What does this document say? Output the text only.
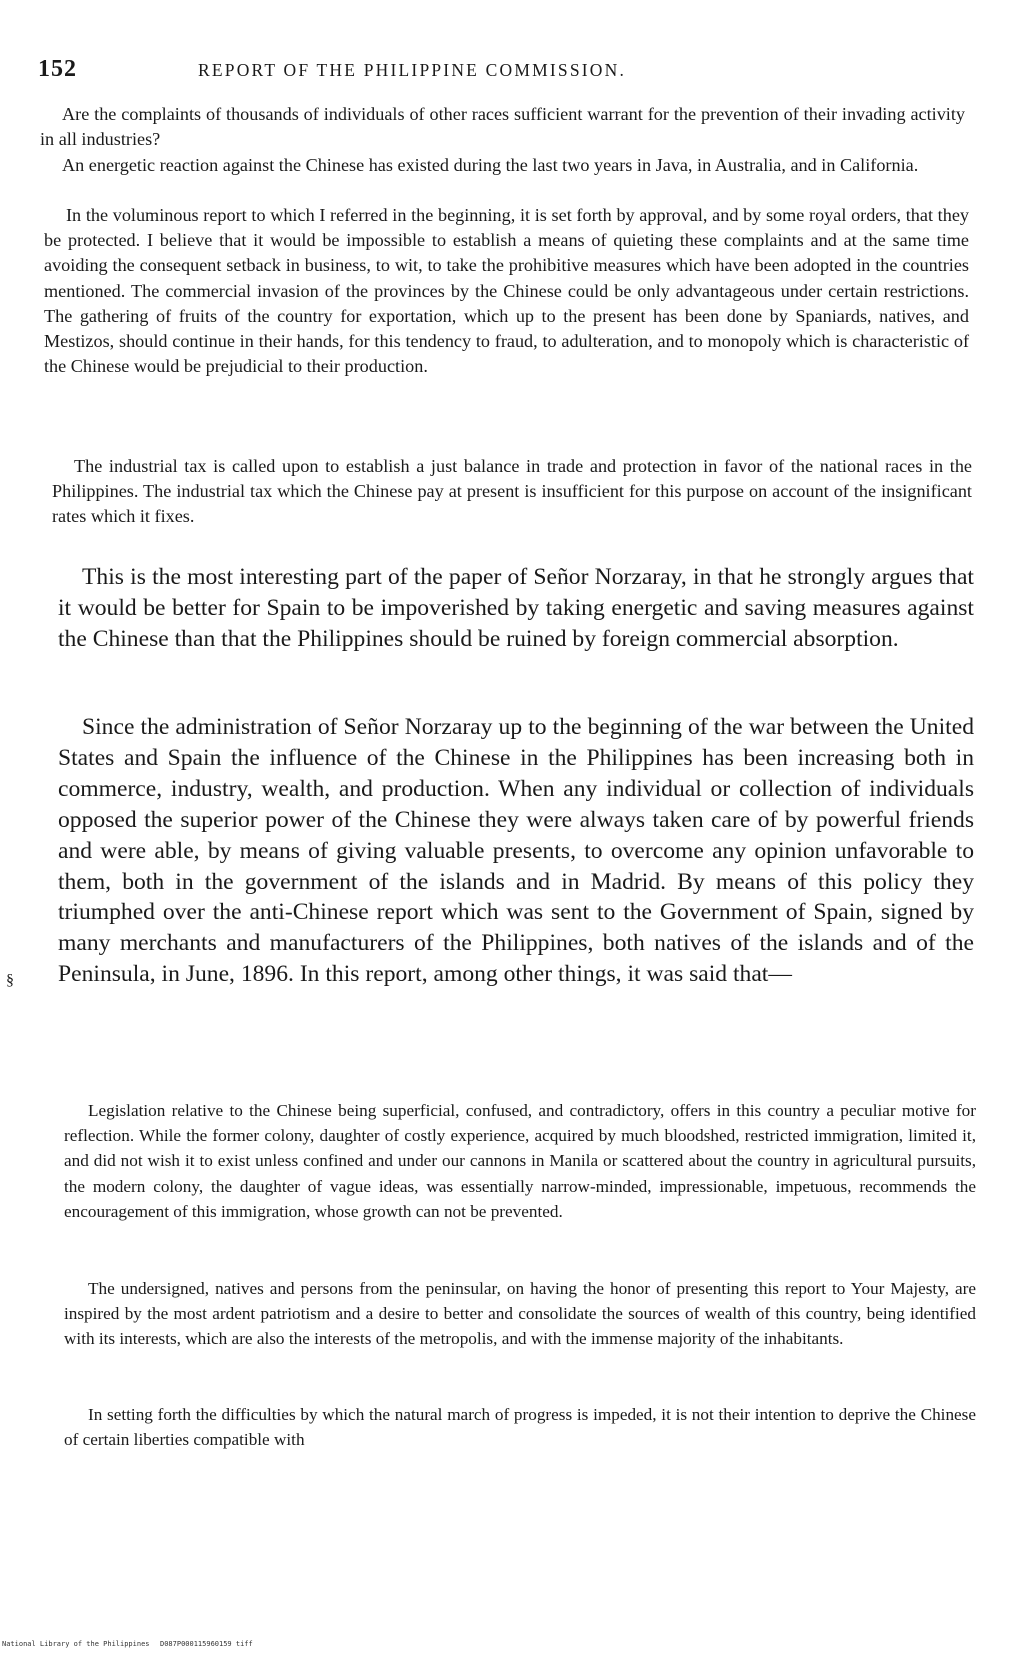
152	REPORT OF THE PHILIPPINE COMMISSION.

Are the complaints of thousands of individuals of other races sufficient warrant for the prevention of their invading activity in all industries?

An energetic reaction against the Chinese has existed during the last two years in Java, in Australia, and in California.

In the voluminous report to which I referred in the beginning, it is set forth by approval, and by some royal orders, that they be protected. I believe that it would be impossible to establish a means of quieting these complaints and at the same time avoiding the consequent setback in business, to wit, to take the prohibitive measures which have been adopted in the countries mentioned. The commercial invasion of the provinces by the Chinese could be only advantageous under certain restrictions. The gathering of fruits of the country for exportation, which up to the present has been done by Spaniards, natives, and Mestizos, should continue in their hands, for this tendency to fraud, to adulteration, and to monopoly which is characteristic of the Chinese would be prejudicial to their production.

The industrial tax is called upon to establish a just balance in trade and protection in favor of the national races in the Philippines. The industrial tax which the Chinese pay at present is insufficient for this purpose on account of the insignificant rates which it fixes.

This is the most interesting part of the paper of Señor Norzaray, in that he strongly argues that it would be better for Spain to be impoverished by taking energetic and saving measures against the Chinese than that the Philippines should be ruined by foreign commercial absorption.

Since the administration of Señor Norzaray up to the beginning of the war between the United States and Spain the influence of the Chinese in the Philippines has been increasing both in commerce, industry, wealth, and production. When any individual or collection of individuals opposed the superior power of the Chinese they were always taken care of by powerful friends and were able, by means of giving valuable presents, to overcome any opinion unfavorable to them, both in the government of the islands and in Madrid. By means of this policy they triumphed over the anti-Chinese report which was sent to the Government of Spain, signed by many merchants and manufacturers of the Philippines, both natives of the islands and of the Peninsula, in June, 1896. In this report, among other things, it was said that—

§

Legislation relative to the Chinese being superficial, confused, and contradictory, offers in this country a peculiar motive for reflection. While the former colony, daughter of costly experience, acquired by much bloodshed, restricted immigration, limited it, and did not wish it to exist unless confined and under our cannons in Manila or scattered about the country in agricultural pursuits, the modern colony, the daughter of vague ideas, was essentially narrow-minded, impressionable, impetuous, recommends the encouragement of this immigration, whose growth can not be prevented.

The undersigned, natives and persons from the peninsular, on having the honor of presenting this report to Your Majesty, are inspired by the most ardent patriotism and a desire to better and consolidate the sources of wealth of this country, being identified with its interests, which are also the interests of the metropolis, and with the immense majority of the inhabitants.

In setting forth the difficulties by which the natural march of progress is impeded, it is not their intention to deprive the Chinese of certain liberties compatible with

National Library of the Philippines D087P000115960159 tiff
